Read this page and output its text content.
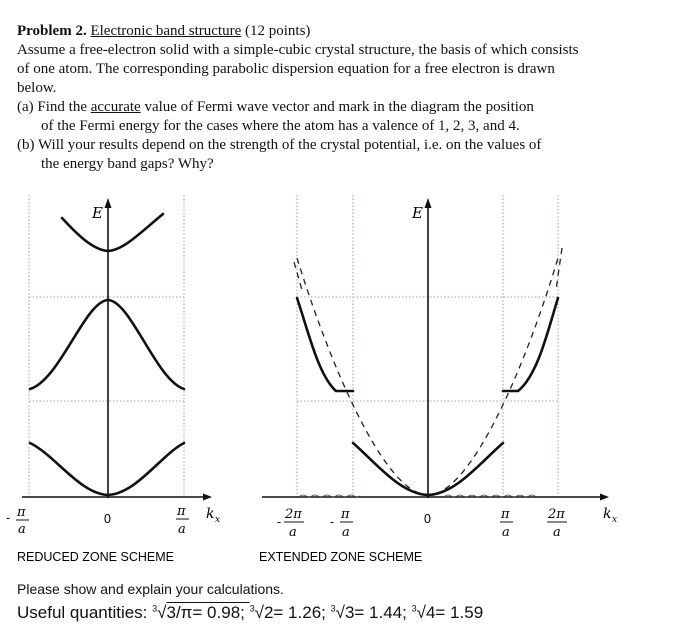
Problem 2. Electronic band structure (12 points)

Assume a free-electron solid with a simple-cubic crystal structure, the basis of which consists

of one atom. The corresponding parabolic dispersion equation for a free electron is drawn

below.

(a) Find the accurate value of Fermi wave vector and mark in the diagram the position
of the Fermi energy for the cases where the atom has a valence of 1, 2, 3, and 4.

(b) Will your results depend on the strength of the crystal potential, i.e. on the values of
the energy band gaps? Why?

E
- π
a
0	π
a
k x
E
- 2π
a
- π
a
0	π
a
2π
a
k x
REDUCED ZONE SCHEME	EXTENDED ZONE SCHEME
Please show and explain your calculations.
Useful quantities: $^3$√3/π= 0.98; $^3$√2= 1.26; $^3$√3= 1.44; $^3$√4= 1.59
